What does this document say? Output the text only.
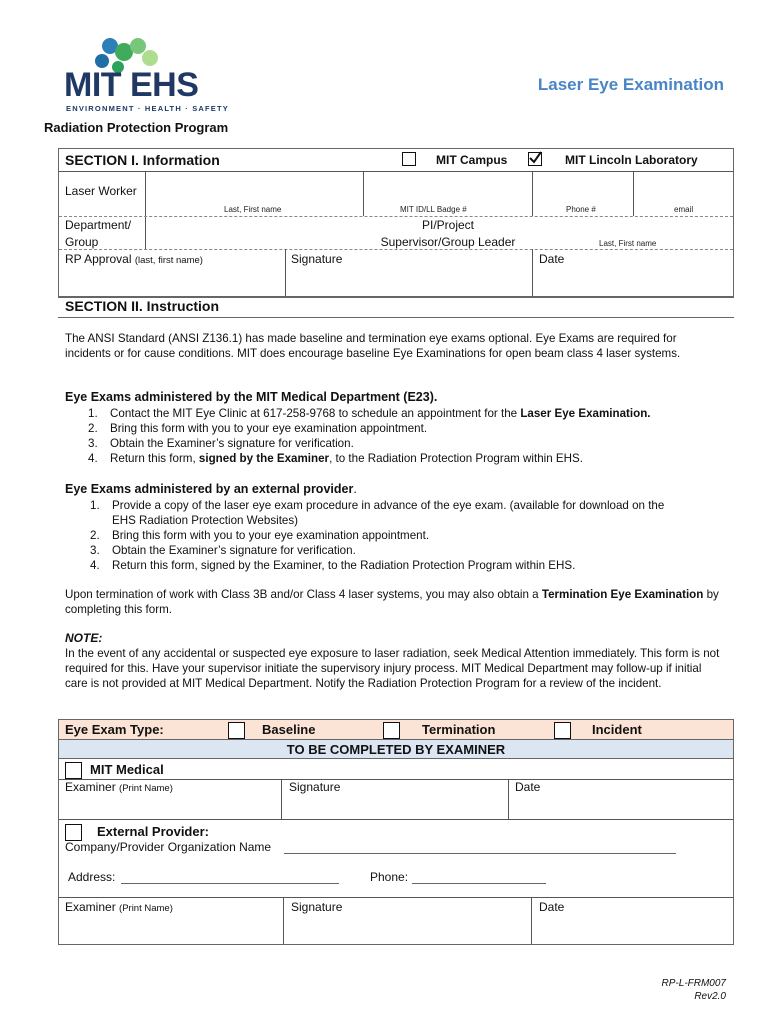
MIT EHS
ENVIRONMENT · HEALTH · SAFETY
Laser Eye Examination
Radiation Protection Program
SECTION I. Information	MIT Campus	MIT Lincoln Laboratory
Laser Worker
Last, First name	MIT ID/LL Badge #	Phone #	email
Department/
Group
PI/Project
Supervisor/Group Leader	Last, First name
RP Approval (last, first name)	Signature	Date
SECTION II. Instruction
The ANSI Standard (ANSI Z136.1) has made baseline and termination eye exams optional. Eye Exams are required for incidents or for cause conditions. MIT does encourage baseline Eye Examinations for open beam class 4 laser systems.
Eye Exams administered by the MIT Medical Department (E23).
1. Contact the MIT Eye Clinic at 617-258-9768 to schedule an appointment for the Laser Eye Examination.
2. Bring this form with you to your eye examination appointment.
3. Obtain the Examiner’s signature for verification.
4. Return this form, signed by the Examiner, to the Radiation Protection Program within EHS.
Eye Exams administered by an external provider.
1. Provide a copy of the laser eye exam procedure in advance of the eye exam. (available for download on the
EHS Radiation Protection Websites)
2. Bring this form with you to your eye examination appointment.
3. Obtain the Examiner’s signature for verification.
4. Return this form, signed by the Examiner, to the Radiation Protection Program within EHS.
Upon termination of work with Class 3B and/or Class 4 laser systems, you may also obtain a Termination Eye Examination by completing this form.
NOTE:
In the event of any accidental or suspected eye exposure to laser radiation, seek Medical Attention immediately. This form is not required for this. Have your supervisor initiate the supervisory injury process. MIT Medical Department may follow-up if initial care is not provided at MIT Medical Department. Notify the Radiation Protection Program for a review of the incident.
Eye Exam Type:	Baseline	Termination	Incident
TO BE COMPLETED BY EXAMINER
MIT Medical
Examiner (Print Name)	Signature	Date
External Provider:
Company/Provider Organization Name
Address:	Phone:
Examiner (Print Name)	Signature	Date
RP-L-FRM007
Rev2.0
